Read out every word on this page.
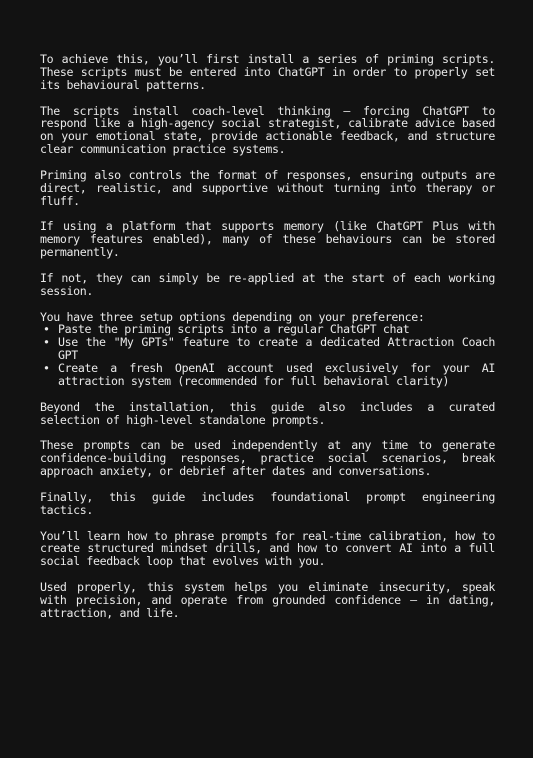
To achieve this, you’ll first install a series of priming scripts. These scripts must be entered into ChatGPT in order to properly set its behavioural patterns.

The scripts install coach-level thinking — forcing ChatGPT to respond like a high-agency social strategist, calibrate advice based on your emotional state, provide actionable feedback, and structure clear communication practice systems.

Priming also controls the format of responses, ensuring outputs are direct, realistic, and supportive without turning into therapy or fluff.

If using a platform that supports memory (like ChatGPT Plus with memory features enabled), many of these behaviours can be stored permanently.

If not, they can simply be re-applied at the start of each working session.

You have three setup options depending on your preference:

• Paste the priming scripts into a regular ChatGPT chat
• Use the "My GPTs" feature to create a dedicated Attraction Coach GPT
• Create a fresh OpenAI account used exclusively for your AI attraction system (recommended for full behavioral clarity)

Beyond the installation, this guide also includes a curated selection of high-level standalone prompts.

These prompts can be used independently at any time to generate confidence-building responses, practice social scenarios, break approach anxiety, or debrief after dates and conversations.

Finally, this guide includes foundational prompt engineering tactics.

You’ll learn how to phrase prompts for real-time calibration, how to create structured mindset drills, and how to convert AI into a full social feedback loop that evolves with you.

Used properly, this system helps you eliminate insecurity, speak with precision, and operate from grounded confidence — in dating, attraction, and life.
